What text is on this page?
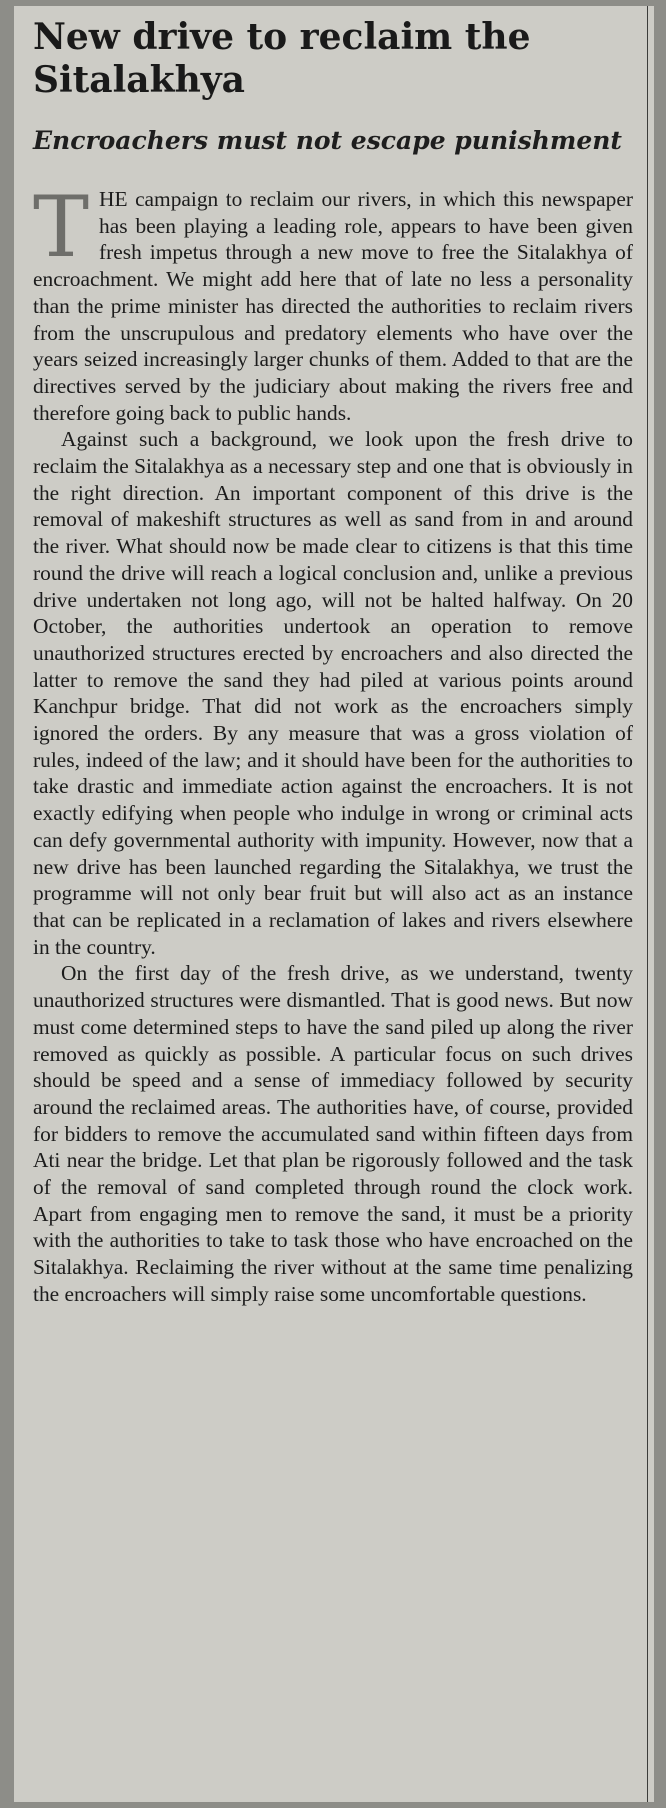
New drive to reclaim the Sitalakhya
Encroachers must not escape punishment

THE campaign to reclaim our rivers, in which this newspaper has been playing a leading role, appears to have been given fresh impetus through a new move to free the Sitalakhya of encroachment. We might add here that of late no less a personality than the prime minister has directed the authorities to reclaim rivers from the unscrupulous and predatory elements who have over the years seized increasingly larger chunks of them. Added to that are the directives served by the judiciary about making the rivers free and therefore going back to public hands.

Against such a background, we look upon the fresh drive to reclaim the Sitalakhya as a necessary step and one that is obviously in the right direction. An important component of this drive is the removal of makeshift structures as well as sand from in and around the river. What should now be made clear to citizens is that this time round the drive will reach a logical conclusion and, unlike a previous drive undertaken not long ago, will not be halted halfway. On 20 October, the authorities undertook an operation to remove unauthorized structures erected by encroachers and also directed the latter to remove the sand they had piled at various points around Kanchpur bridge. That did not work as the encroachers simply ignored the orders. By any measure that was a gross violation of rules, indeed of the law; and it should have been for the authorities to take drastic and immediate action against the encroachers. It is not exactly edifying when people who indulge in wrong or criminal acts can defy governmental authority with impunity. However, now that a new drive has been launched regarding the Sitalakhya, we trust the programme will not only bear fruit but will also act as an instance that can be replicated in a reclamation of lakes and rivers elsewhere in the country.

On the first day of the fresh drive, as we understand, twenty unauthorized structures were dismantled. That is good news. But now must come determined steps to have the sand piled up along the river removed as quickly as possible. A particular focus on such drives should be speed and a sense of immediacy followed by security around the reclaimed areas. The authorities have, of course, provided for bidders to remove the accumulated sand within fifteen days from Ati near the bridge. Let that plan be rigorously followed and the task of the removal of sand completed through round the clock work. Apart from engaging men to remove the sand, it must be a priority with the authorities to take to task those who have encroached on the Sitalakhya. Reclaiming the river without at the same time penalizing the encroachers will simply raise some uncomfortable questions.
